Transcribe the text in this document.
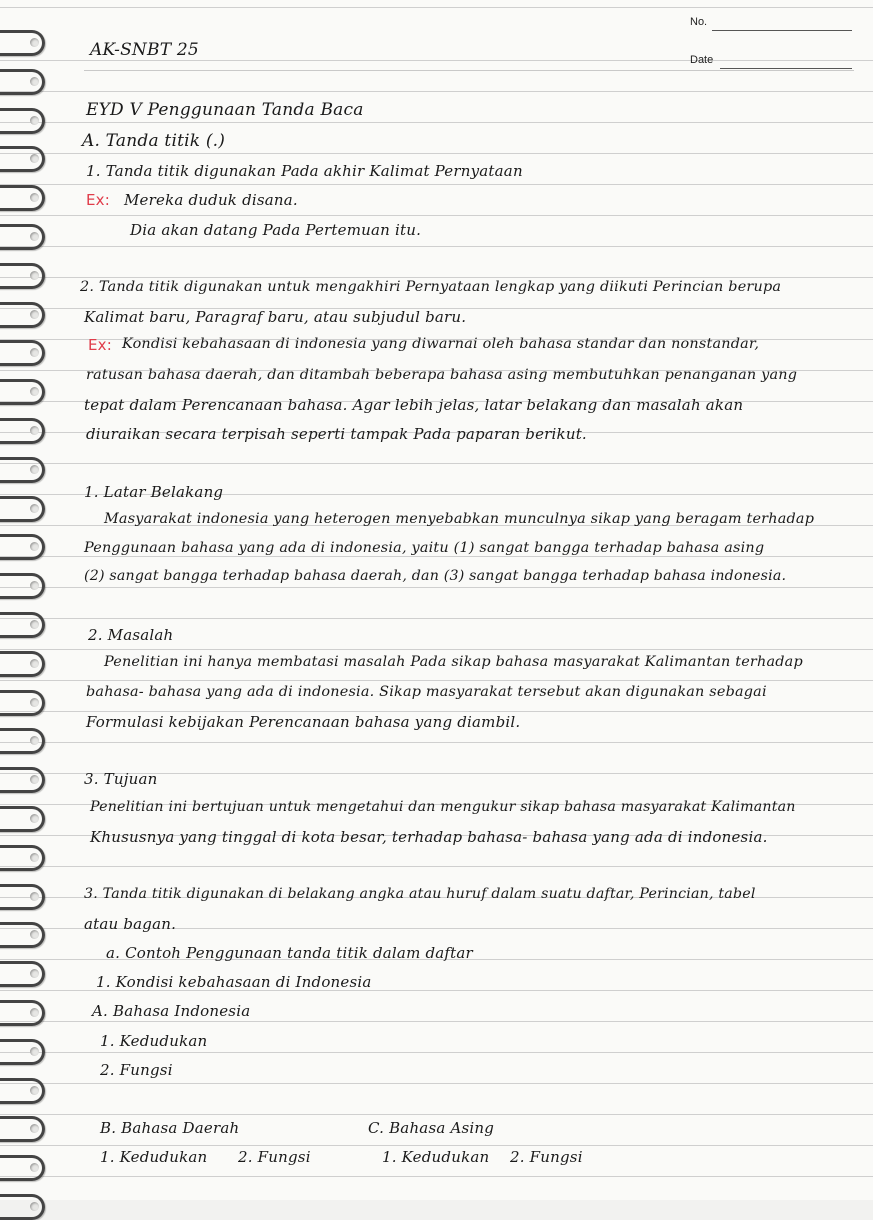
No.
Date
AK-SNBT 25
EYD V Penggunaan Tanda Baca
A. Tanda titik (.)
1. Tanda titik digunakan Pada akhir Kalimat Pernyataan
Ex: Mereka duduk disana.
Dia akan datang Pada Pertemuan itu.
2. Tanda titik digunakan untuk mengakhiri Pernyataan lengkap yang diikuti Perincian berupa
Kalimat baru, Paragraf baru, atau subjudul baru.
Ex: Kondisi kebahasaan di indonesia yang diwarnai oleh bahasa standar dan nonstandar,
ratusan bahasa daerah, dan ditambah beberapa bahasa asing membutuhkan penanganan yang
tepat dalam Perencanaan bahasa. Agar lebih jelas, latar belakang dan masalah akan
diuraikan secara terpisah seperti tampak Pada paparan berikut.
1. Latar Belakang
Masyarakat indonesia yang heterogen menyebabkan munculnya sikap yang beragam terhadap
Penggunaan bahasa yang ada di indonesia, yaitu (1) sangat bangga terhadap bahasa asing
(2) sangat bangga terhadap bahasa daerah, dan (3) sangat bangga terhadap bahasa indonesia.
2. Masalah
Penelitian ini hanya membatasi masalah Pada sikap bahasa masyarakat Kalimantan terhadap
bahasa- bahasa yang ada di indonesia. Sikap masyarakat tersebut akan digunakan sebagai
Formulasi kebijakan Perencanaan bahasa yang diambil.
3. Tujuan
Penelitian ini bertujuan untuk mengetahui dan mengukur sikap bahasa masyarakat Kalimantan
Khususnya yang tinggal di kota besar, terhadap bahasa- bahasa yang ada di indonesia.
3. Tanda titik digunakan di belakang angka atau huruf dalam suatu daftar, Perincian, tabel
atau bagan.
a. Contoh Penggunaan tanda titik dalam daftar
1. Kondisi kebahasaan di Indonesia
A. Bahasa Indonesia
1. Kedudukan
2. Fungsi
B. Bahasa Daerah	C. Bahasa Asing
1. Kedudukan 2. Fungsi	1. Kedudukan 2. Fungsi
